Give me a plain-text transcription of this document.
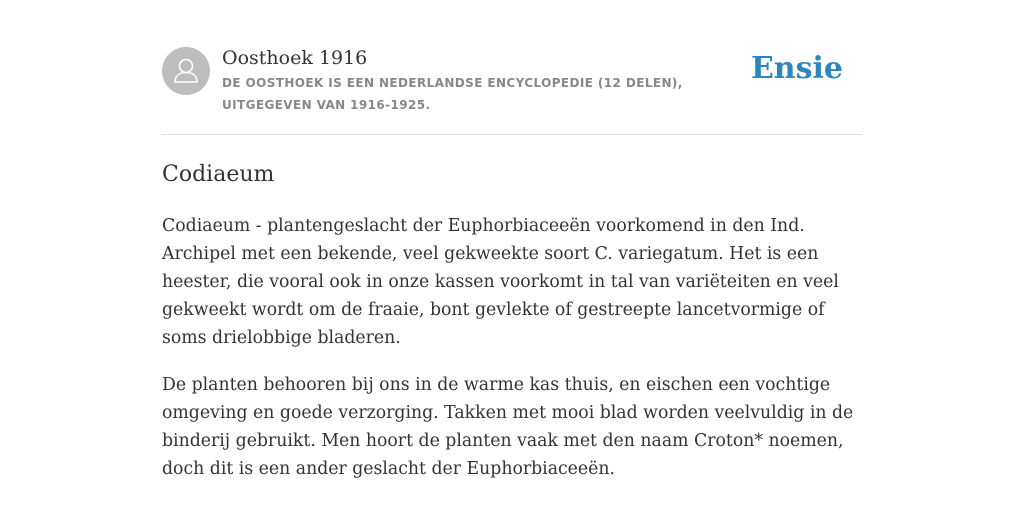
Oosthoek 1916
DE OOSTHOEK IS EEN NEDERLANDSE ENCYCLOPEDIE (12 DELEN), UITGEGEVEN VAN 1916-1925.
Ensie
Codiaeum

Codiaeum - plantengeslacht der Euphorbiaceeën voorkomend in den Ind. Archipel met een bekende, veel gekweekte soort C. variegatum. Het is een heester, die vooral ook in onze kassen voorkomt in tal van variëteiten en veel gekweekt wordt om de fraaie, bont gevlekte of gestreepte lancetvormige of soms drielobbige bladeren.

De planten behooren bij ons in de warme kas thuis, en eischen een vochtige omgeving en goede verzorging. Takken met mooi blad worden veelvuldig in de binderij gebruikt. Men hoort de planten vaak met den naam Croton* noemen, doch dit is een ander geslacht der Euphorbiaceeën.
